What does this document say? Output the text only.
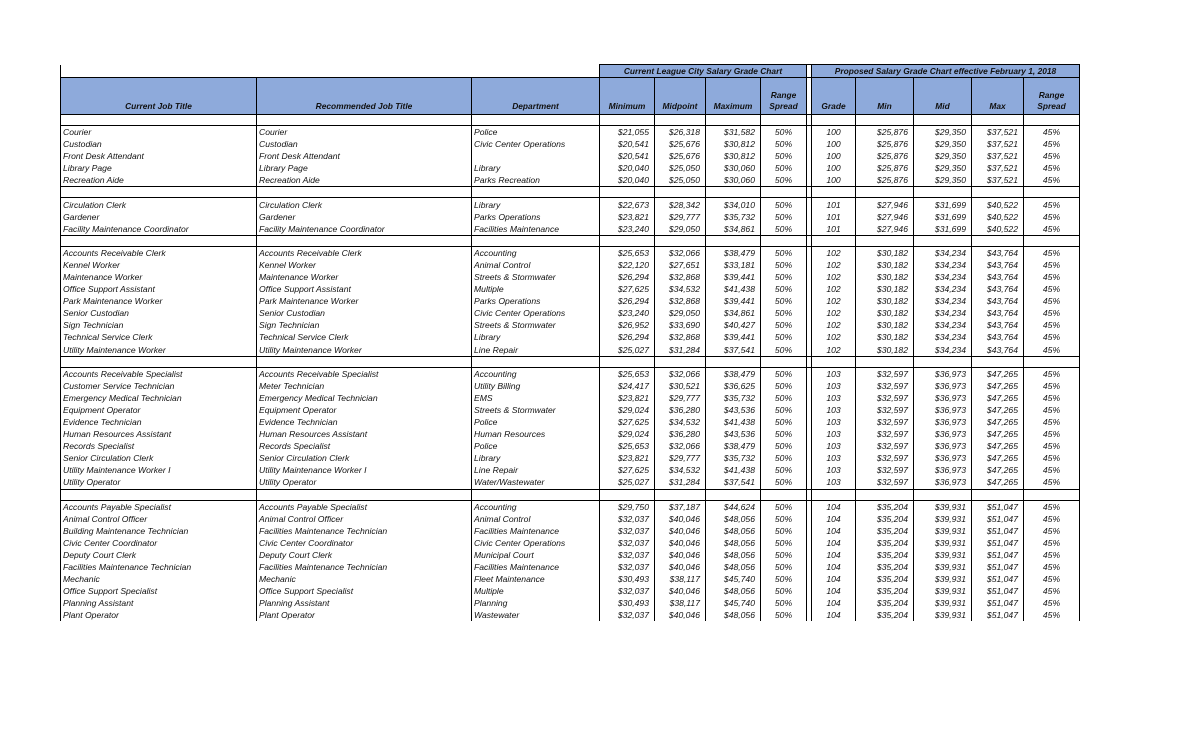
			Current League City Salary Grade Chart					Proposed Salary Grade Chart effective February 1, 2018				
Current Job Title	Recommended Job Title	Department	Minimum	Midpoint	Maximum	Range Spread		Grade	Min	Mid	Max	Range Spread

Courier	Courier	Police	$21,055	$26,318	$31,582	50%		100	$25,876	$29,350	$37,521	45%
Custodian	Custodian	Civic Center Operations	$20,541	$25,676	$30,812	50%		100	$25,876	$29,350	$37,521	45%
Front Desk Attendant	Front Desk Attendant		$20,541	$25,676	$30,812	50%		100	$25,876	$29,350	$37,521	45%
Library Page	Library Page	Library	$20,040	$25,050	$30,060	50%		100	$25,876	$29,350	$37,521	45%
Recreation Aide	Recreation Aide	Parks Recreation	$20,040	$25,050	$30,060	50%		100	$25,876	$29,350	$37,521	45%

Circulation Clerk	Circulation Clerk	Library	$22,673	$28,342	$34,010	50%		101	$27,946	$31,699	$40,522	45%
Gardener	Gardener	Parks Operations	$23,821	$29,777	$35,732	50%		101	$27,946	$31,699	$40,522	45%
Facility Maintenance Coordinator	Facility Maintenance Coordinator	Facilities Maintenance	$23,240	$29,050	$34,861	50%		101	$27,946	$31,699	$40,522	45%

Accounts Receivable Clerk	Accounts Receivable Clerk	Accounting	$25,653	$32,066	$38,479	50%		102	$30,182	$34,234	$43,764	45%
Kennel Worker	Kennel Worker	Animal Control	$22,120	$27,651	$33,181	50%		102	$30,182	$34,234	$43,764	45%
Maintenance Worker	Maintenance Worker	Streets & Stormwater	$26,294	$32,868	$39,441	50%		102	$30,182	$34,234	$43,764	45%
Office Support Assistant	Office Support Assistant	Multiple	$27,625	$34,532	$41,438	50%		102	$30,182	$34,234	$43,764	45%
Park Maintenance Worker	Park Maintenance Worker	Parks Operations	$26,294	$32,868	$39,441	50%		102	$30,182	$34,234	$43,764	45%
Senior Custodian	Senior Custodian	Civic Center Operations	$23,240	$29,050	$34,861	50%		102	$30,182	$34,234	$43,764	45%
Sign Technician	Sign Technician	Streets & Stormwater	$26,952	$33,690	$40,427	50%		102	$30,182	$34,234	$43,764	45%
Technical Service Clerk	Technical Service Clerk	Library	$26,294	$32,868	$39,441	50%		102	$30,182	$34,234	$43,764	45%
Utility Maintenance Worker	Utility Maintenance Worker	Line Repair	$25,027	$31,284	$37,541	50%		102	$30,182	$34,234	$43,764	45%

Accounts Receivable Specialist	Accounts Receivable Specialist	Accounting	$25,653	$32,066	$38,479	50%		103	$32,597	$36,973	$47,265	45%
Customer Service Technician	Meter Technician	Utility Billing	$24,417	$30,521	$36,625	50%		103	$32,597	$36,973	$47,265	45%
Emergency Medical Technician	Emergency Medical Technician	EMS	$23,821	$29,777	$35,732	50%		103	$32,597	$36,973	$47,265	45%
Equipment Operator	Equipment Operator	Streets & Stormwater	$29,024	$36,280	$43,536	50%		103	$32,597	$36,973	$47,265	45%
Evidence Technician	Evidence Technician	Police	$27,625	$34,532	$41,438	50%		103	$32,597	$36,973	$47,265	45%
Human Resources Assistant	Human Resources Assistant	Human Resources	$29,024	$36,280	$43,536	50%		103	$32,597	$36,973	$47,265	45%
Records Specialist	Records Specialist	Police	$25,653	$32,066	$38,479	50%		103	$32,597	$36,973	$47,265	45%
Senior Circulation Clerk	Senior Circulation Clerk	Library	$23,821	$29,777	$35,732	50%		103	$32,597	$36,973	$47,265	45%
Utility Maintenance Worker I	Utility Maintenance Worker I	Line Repair	$27,625	$34,532	$41,438	50%		103	$32,597	$36,973	$47,265	45%
Utility Operator	Utility Operator	Water/Wastewater	$25,027	$31,284	$37,541	50%		103	$32,597	$36,973	$47,265	45%

Accounts Payable Specialist	Accounts Payable Specialist	Accounting	$29,750	$37,187	$44,624	50%		104	$35,204	$39,931	$51,047	45%
Animal Control Officer	Animal Control Officer	Animal Control	$32,037	$40,046	$48,056	50%		104	$35,204	$39,931	$51,047	45%
Building Maintenance Technician	Facilities Maintenance Technician	Facilities Maintenance	$32,037	$40,046	$48,056	50%		104	$35,204	$39,931	$51,047	45%
Civic Center Coordinator	Civic Center Coordinator	Civic Center Operations	$32,037	$40,046	$48,056	50%		104	$35,204	$39,931	$51,047	45%
Deputy Court Clerk	Deputy Court Clerk	Municipal Court	$32,037	$40,046	$48,056	50%		104	$35,204	$39,931	$51,047	45%
Facilities Maintenance Technician	Facilities Maintenance Technician	Facilities Maintenance	$32,037	$40,046	$48,056	50%		104	$35,204	$39,931	$51,047	45%
Mechanic	Mechanic	Fleet Maintenance	$30,493	$38,117	$45,740	50%		104	$35,204	$39,931	$51,047	45%
Office Support Specialist	Office Support Specialist	Multiple	$32,037	$40,046	$48,056	50%		104	$35,204	$39,931	$51,047	45%
Planning Assistant	Planning Assistant	Planning	$30,493	$38,117	$45,740	50%		104	$35,204	$39,931	$51,047	45%
Plant Operator	Plant Operator	Wastewater	$32,037	$40,046	$48,056	50%		104	$35,204	$39,931	$51,047	45%
